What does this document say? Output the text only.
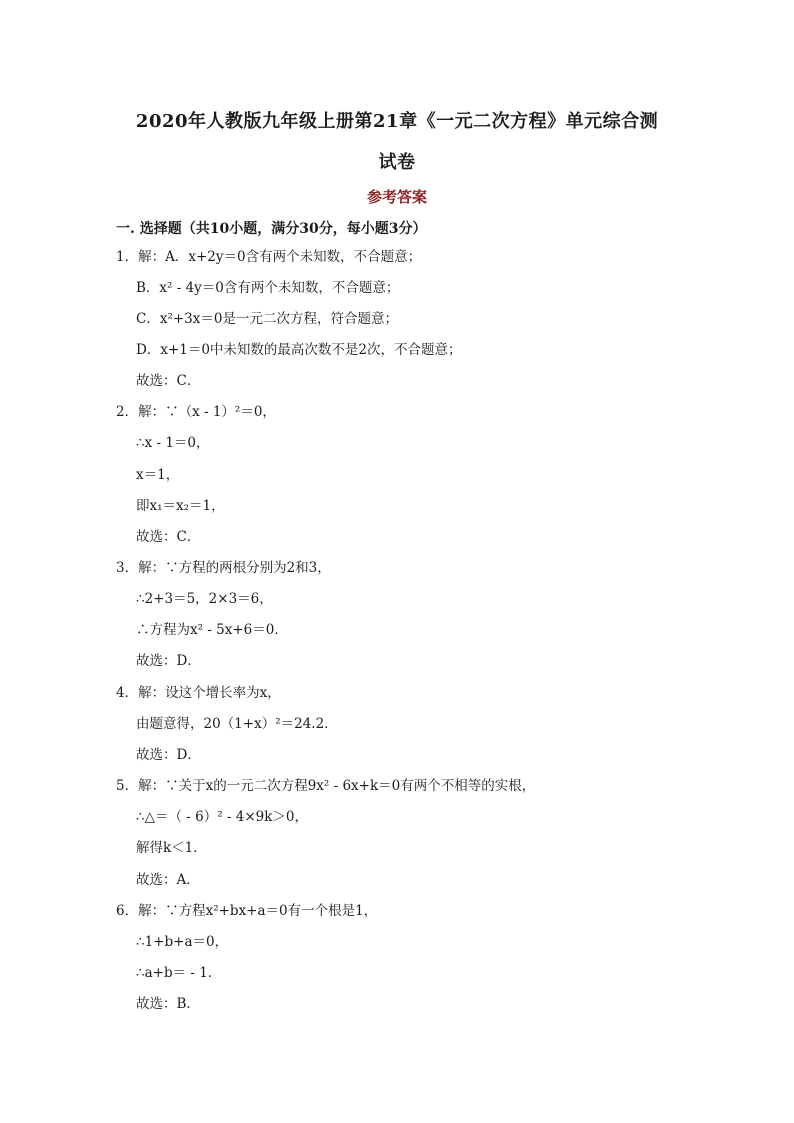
2020年人教版九年级上册第21章《一元二次方程》单元综合测
试卷
参考答案
一. 选择题（共10小题，满分30分，每小题3分）
1．解：A．x+2y＝0含有两个未知数，不合题意；
B．x² - 4y＝0含有两个未知数，不合题意；
C．x²+3x＝0是一元二次方程，符合题意；
D．x+1＝0中未知数的最高次数不是2次，不合题意；
故选：C．
2．解：∵（x - 1）²＝0，
∴x - 1＝0，
x＝1，
即x₁＝x₂＝1，
故选：C．
3．解：∵方程的两根分别为2和3，
∴2+3＝5，2×3＝6，
∴方程为x² - 5x+6＝0．
故选：D．
4．解：设这个增长率为x，
由题意得，20（1+x）²＝24.2．
故选：D．
5．解：∵关于x的一元二次方程9x² - 6x+k＝0有两个不相等的实根，
∴△＝（ - 6）² - 4×9k＞0，
解得k＜1．
故选：A．
6．解：∵方程x²+bx+a＝0有一个根是1，
∴1+b+a＝0，
∴a+b＝ - 1．
故选：B．
